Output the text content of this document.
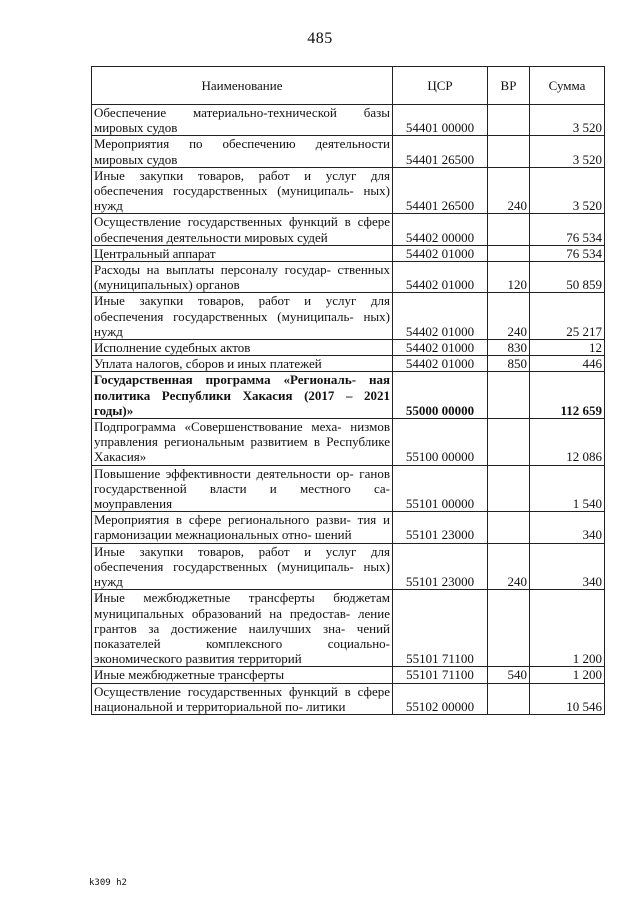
485
Наименование	ЦСР	ВР	Сумма
Обеспечение материально-технической базы мировых судов	54401 00000		3 520
Мероприятия по обеспечению деятельности мировых судов	54401 26500		3 520
Иные закупки товаров, работ и услуг для обеспечения государственных (муниципаль- ных) нужд	54401 26500	240	3 520
Осуществление государственных функций в сфере обеспечения деятельности мировых судей	54402 00000		76 534
Центральный аппарат	54402 01000		76 534
Расходы на выплаты персоналу государ- ственных (муниципальных) органов	54402 01000	120	50 859
Иные закупки товаров, работ и услуг для обеспечения государственных (муниципаль- ных) нужд	54402 01000	240	25 217
Исполнение судебных актов	54402 01000	830	12
Уплата налогов, сборов и иных платежей	54402 01000	850	446
Государственная программа «Региональ- ная политика Республики Хакасия (2017 – 2021 годы)»	55000 00000		112 659
Подпрограмма «Совершенствование меха- низмов управления региональным развитием в Республике Хакасия»	55100 00000		12 086
Повышение эффективности деятельности ор- ганов государственной власти и местного са- моуправления	55101 00000		1 540
Мероприятия в сфере регионального разви- тия и гармонизации межнациональных отно- шений	55101 23000		340
Иные закупки товаров, работ и услуг для обеспечения государственных (муниципаль- ных) нужд	55101 23000	240	340
Иные межбюджетные трансферты бюджетам муниципальных образований на предостав- ление грантов за достижение наилучших зна- чений показателей комплексного социально- экономического развития территорий	55101 71100		1 200
Иные межбюджетные трансферты	55101 71100	540	1 200
Осуществление государственных функций в сфере национальной и территориальной по- литики	55102 00000		10 546
k309 h2
